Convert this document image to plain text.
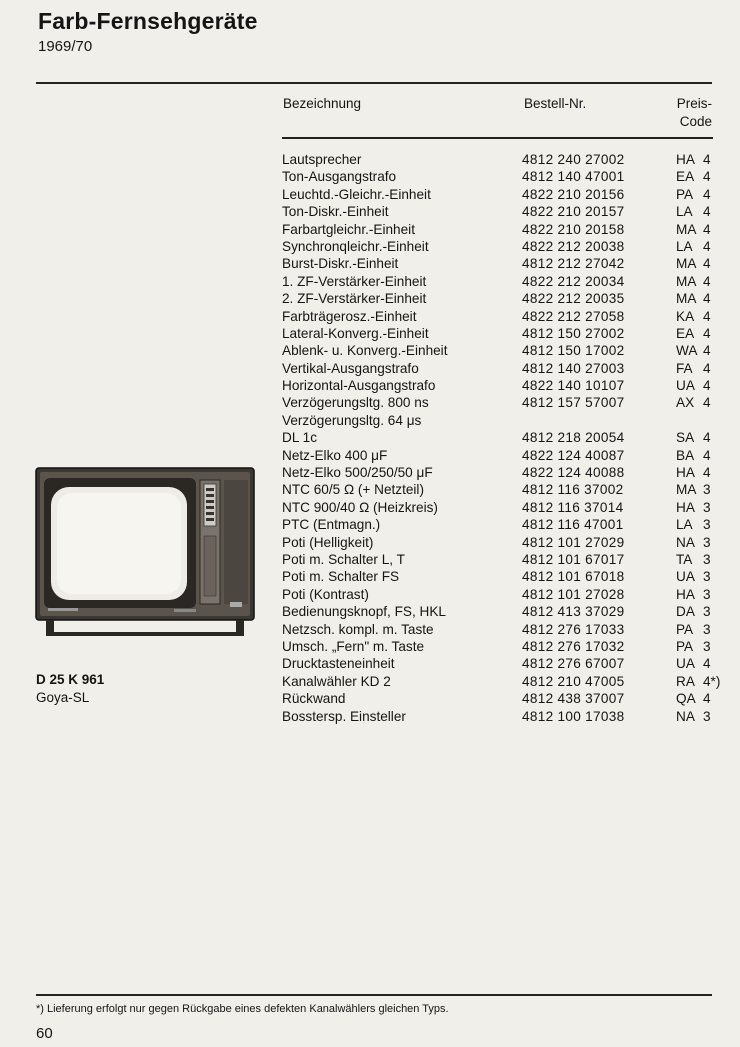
Farb-Fernsehgeräte
1969/70
Bezeichnung	Bestell-Nr.	Preis-
Code
Lautsprecher	4812 240 27002	HA 4
Ton-Ausgangstrafo	4812 140 47001	EA 4
Leuchtd.-Gleichr.-Einheit	4822 210 20156	PA 4
Ton-Diskr.-Einheit	4822 210 20157	LA 4
Farbartgleichr.-Einheit	4822 210 20158	MA 4
Synchronqleichr.-Einheit	4822 212 20038	LA 4
Burst-Diskr.-Einheit	4812 212 27042	MA 4
1. ZF-Verstärker-Einheit	4822 212 20034	MA 4
2. ZF-Verstärker-Einheit	4822 212 20035	MA 4
Farbträgerosz.-Einheit	4822 212 27058	KA 4
Lateral-Konverg.-Einheit	4812 150 27002	EA 4
Ablenk- u. Konverg.-Einheit	4812 150 17002	WA 4
Vertikal-Ausgangstrafo	4812 140 27003	FA 4
Horizontal-Ausgangstrafo	4822 140 10107	UA 4
Verzögerungsltg. 800 ns	4812 157 57007	AX 4
Verzögerungsltg. 64 μs
DL 1c	4812 218 20054	SA 4
Netz-Elko 400 μF	4822 124 40087	BA 4
Netz-Elko 500/250/50 μF	4822 124 40088	HA 4
NTC 60/5 Ω (+ Netzteil)	4812 116 37002	MA 3
NTC 900/40 Ω (Heizkreis)	4812 116 37014	HA 3
PTC (Entmagn.)	4812 116 47001	LA 3
Poti (Helligkeit)	4812 101 27029	NA 3
Poti m. Schalter L, T	4812 101 67017	TA 3
Poti m. Schalter FS	4812 101 67018	UA 3
Poti (Kontrast)	4812 101 27028	HA 3
Bedienungsknopf, FS, HKL	4812 413 37029	DA 3
Netzsch. kompl. m. Taste	4812 276 17033	PA 3
Umsch. „Fern" m. Taste	4812 276 17032	PA 3
Drucktasteneinheit	4812 276 67007	UA 4
Kanalwähler KD 2	4812 210 47005	RA 4*)
Rückwand	4812 438 37007	QA 4
Bosstersp. Einsteller	4812 100 17038	NA 3
D 25 K 961
Goya-SL
*) Lieferung erfolgt nur gegen Rückgabe eines defekten Kanalwählers gleichen Typs.
60
